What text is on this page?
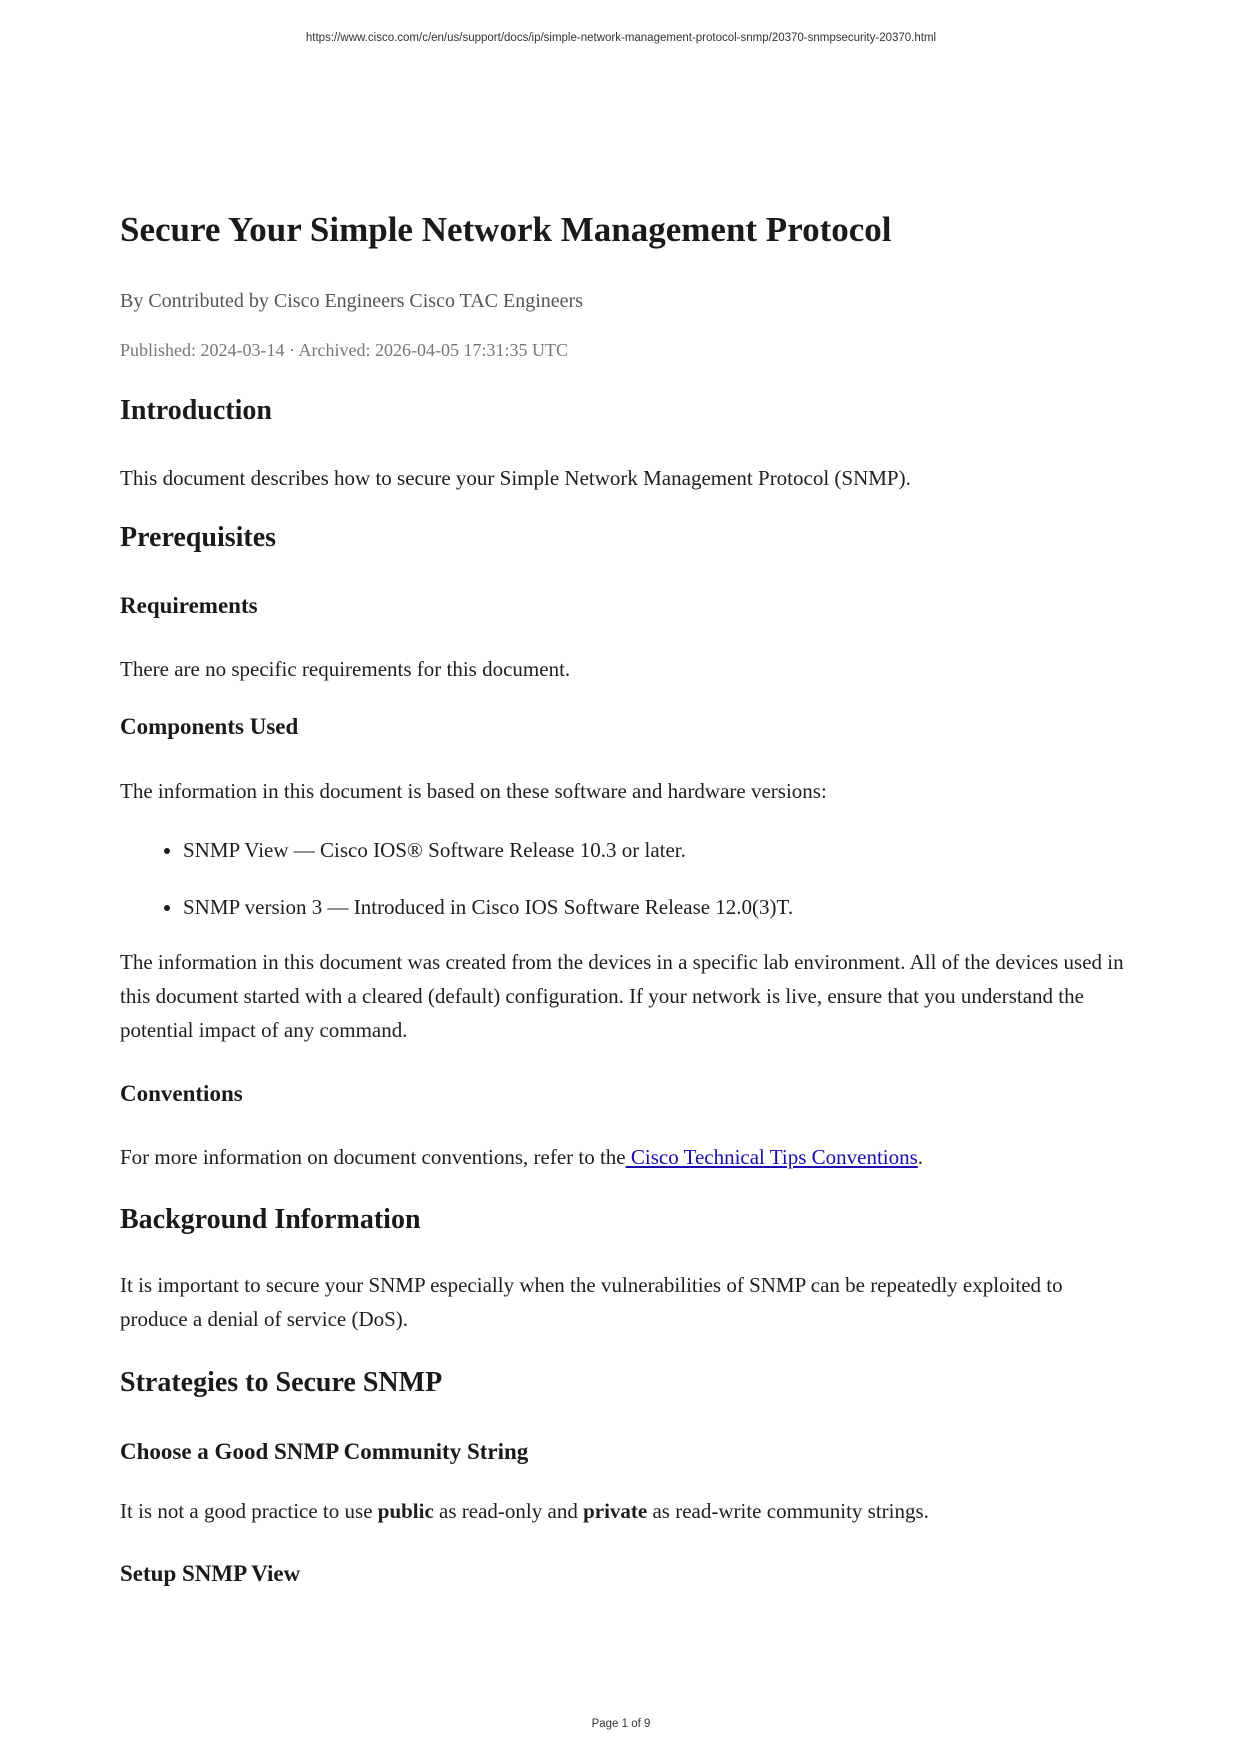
https://www.cisco.com/c/en/us/support/docs/ip/simple-network-management-protocol-snmp/20370-snmpsecurity-20370.html
Secure Your Simple Network Management Protocol
By Contributed by Cisco Engineers Cisco TAC Engineers
Published: 2024-03-14 · Archived: 2026-04-05 17:31:35 UTC
Introduction

This document describes how to secure your Simple Network Management Protocol (SNMP).

Prerequisites
Requirements

There are no specific requirements for this document.

Components Used

The information in this document is based on these software and hardware versions:

• SNMP View — Cisco IOS® Software Release 10.3 or later.
• SNMP version 3 — Introduced in Cisco IOS Software Release 12.0(3)T.

The information in this document was created from the devices in a specific lab environment. All of the devices used in this document started with a cleared (default) configuration. If your network is live, ensure that you understand the potential impact of any command.

Conventions

For more information on document conventions, refer to the Cisco Technical Tips Conventions.

Background Information

It is important to secure your SNMP especially when the vulnerabilities of SNMP can be repeatedly exploited to produce a denial of service (DoS).

Strategies to Secure SNMP
Choose a Good SNMP Community String

It is not a good practice to use public as read-only and private as read-write community strings.

Setup SNMP View
Page 1 of 9
